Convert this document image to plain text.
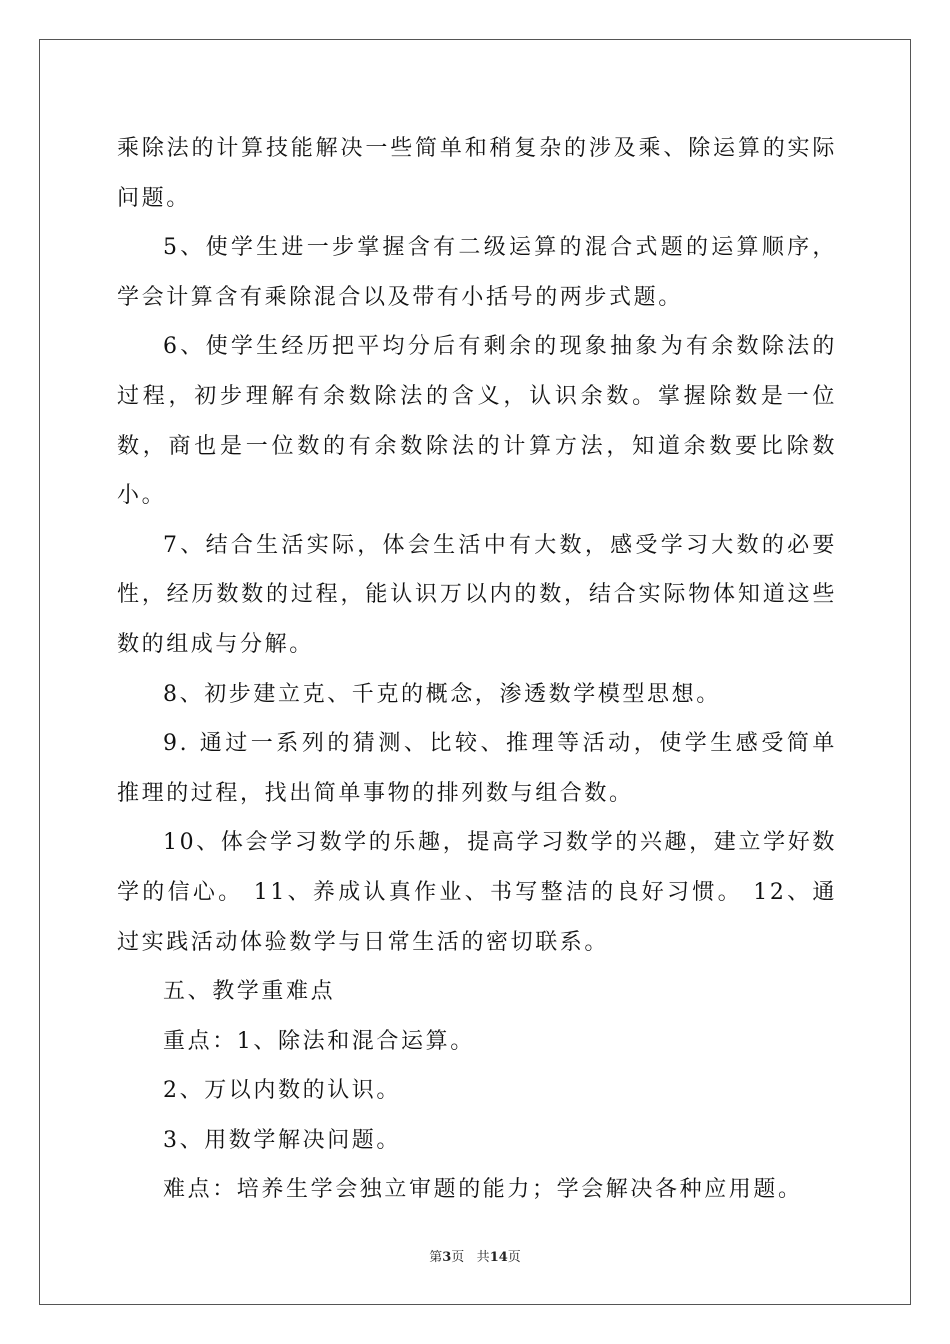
乘除法的计算技能解决一些简单和稍复杂的涉及乘、除运算的实际问题。

5、使学生进一步掌握含有二级运算的混合式题的运算顺序，学会计算含有乘除混合以及带有小括号的两步式题。

6、使学生经历把平均分后有剩余的现象抽象为有余数除法的过程，初步理解有余数除法的含义，认识余数。掌握除数是一位数，商也是一位数的有余数除法的计算方法，知道余数要比除数小。

7、结合生活实际，体会生活中有大数，感受学习大数的必要性，经历数数的过程，能认识万以内的数，结合实际物体知道这些数的组成与分解。

8、初步建立克、千克的概念，渗透数学模型思想。

9. 通过一系列的猜测、比较、推理等活动，使学生感受简单推理的过程，找出简单事物的排列数与组合数。

10、体会学习数学的乐趣，提高学习数学的兴趣，建立学好数学的信心。 11、养成认真作业、书写整洁的良好习惯。 12、通过实践活动体验数学与日常生活的密切联系。

五、教学重难点

重点：1、除法和混合运算。

2、万以内数的认识。

3、用数学解决问题。

难点：培养生学会独立审题的能力；学会解决各种应用题。

第3页 共14页
